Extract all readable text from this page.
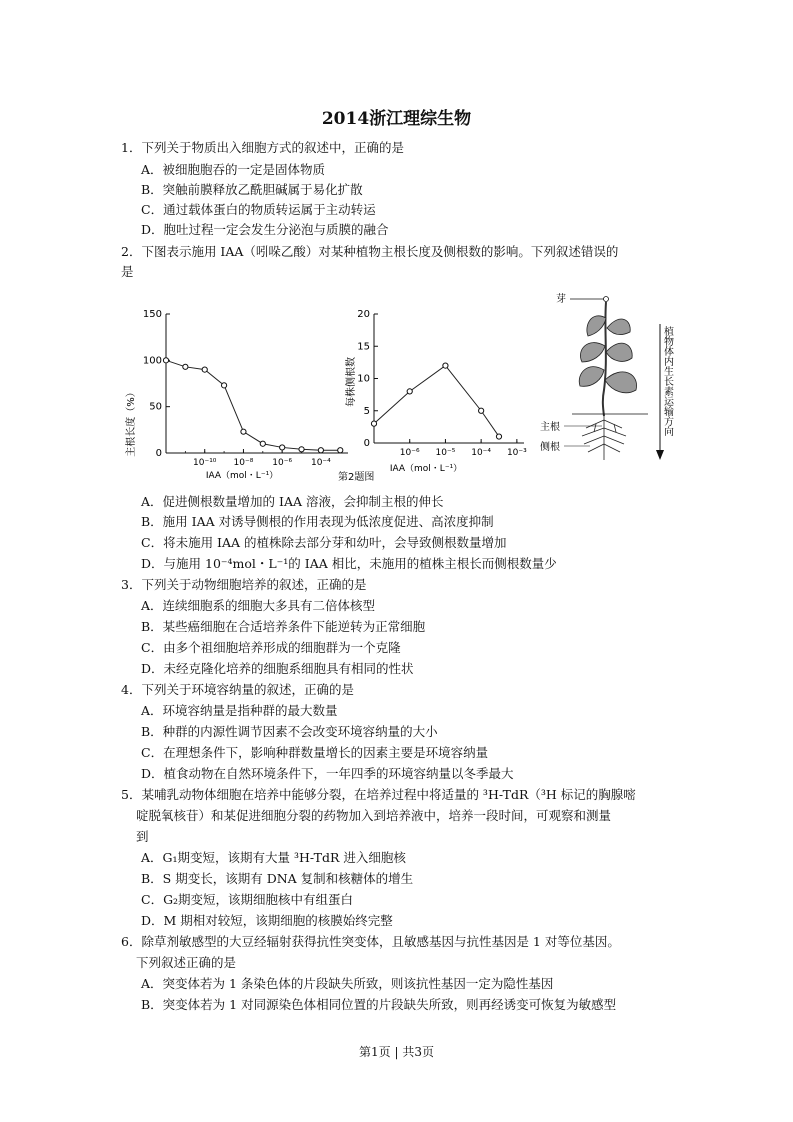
2014浙江理综生物
1．下列关于物质出入细胞方式的叙述中，正确的是
A．被细胞胞吞的一定是固体物质
B．突触前膜释放乙酰胆碱属于易化扩散
C．通过载体蛋白的物质转运属于主动转运
D．胞吐过程一定会发生分泌泡与质膜的融合
2．下图表示施用 IAA（吲哚乙酸）对某种植物主根长度及侧根数的影响。下列叙述错误的
是
0
50
100
150
10⁻¹⁰ 10⁻⁸ 10⁻⁶ 10⁻⁴
主根长度（%）
IAA（mol・L⁻¹）
0
5
10
15
20
10⁻⁶ 10⁻⁵ 10⁻⁴ 10⁻³
每株侧根数
IAA（mol・L⁻¹）
第2题图
芽
主根
侧根
植物体内生长素运输方向
A．促进侧根数量增加的 IAA 溶液，会抑制主根的伸长
B．施用 IAA 对诱导侧根的作用表现为低浓度促进、高浓度抑制
C．将未施用 IAA 的植株除去部分芽和幼叶，会导致侧根数量增加
D．与施用 10⁻⁴mol・L⁻¹的 IAA 相比，未施用的植株主根长而侧根数量少
3．下列关于动物细胞培养的叙述，正确的是
A．连续细胞系的细胞大多具有二倍体核型
B．某些癌细胞在合适培养条件下能逆转为正常细胞
C．由多个祖细胞培养形成的细胞群为一个克隆
D．未经克隆化培养的细胞系细胞具有相同的性状
4．下列关于环境容纳量的叙述，正确的是
A．环境容纳量是指种群的最大数量
B．种群的内源性调节因素不会改变环境容纳量的大小
C．在理想条件下，影响种群数量增长的因素主要是环境容纳量
D．植食动物在自然环境条件下，一年四季的环境容纳量以冬季最大
5．某哺乳动物体细胞在培养中能够分裂，在培养过程中将适量的 ³H-TdR（³H 标记的胸腺嘧
啶脱氧核苷）和某促进细胞分裂的药物加入到培养液中，培养一段时间，可观察和测量
到
A．G₁期变短，该期有大量 ³H-TdR 进入细胞核
B．S 期变长，该期有 DNA 复制和核糖体的增生
C．G₂期变短，该期细胞核中有组蛋白
D．M 期相对较短，该期细胞的核膜始终完整
6．除草剂敏感型的大豆经辐射获得抗性突变体，且敏感基因与抗性基因是 1 对等位基因。
下列叙述正确的是
A．突变体若为 1 条染色体的片段缺失所致，则该抗性基因一定为隐性基因
B．突变体若为 1 对同源染色体相同位置的片段缺失所致，则再经诱变可恢复为敏感型
第1页 | 共3页
